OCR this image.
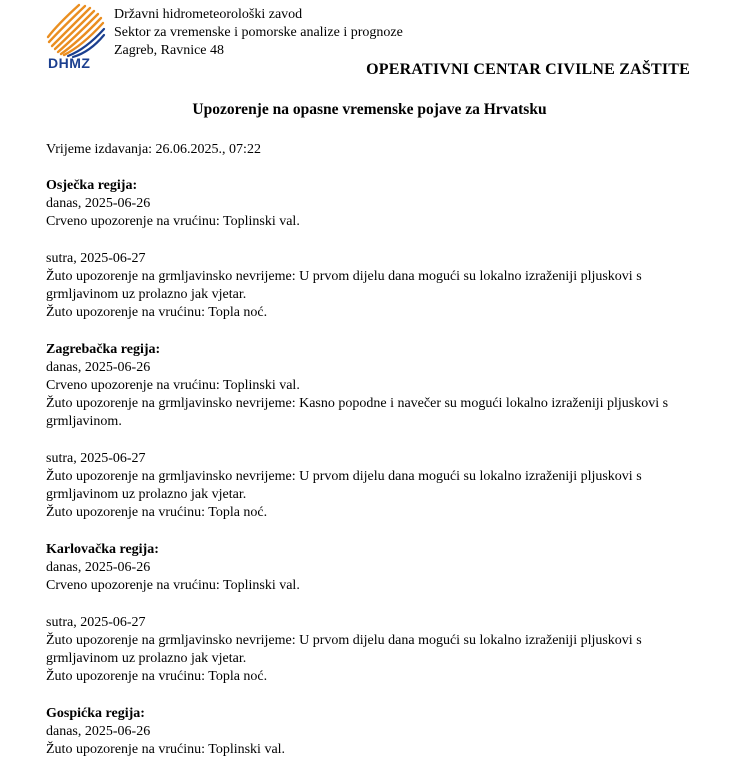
DHMZ
Državni hidrometeorološki zavod
Sektor za vremenske i pomorske analize i prognoze
Zagreb, Ravnice 48
OPERATIVNI CENTAR CIVILNE ZAŠTITE
Upozorenje na opasne vremenske pojave za Hrvatsku
Vrijeme izdavanja: 26.06.2025., 07:22
Osječka regija:
danas, 2025-06-26
Crveno upozorenje na vrućinu: Toplinski val.
sutra, 2025-06-27
Žuto upozorenje na grmljavinsko nevrijeme: U prvom dijelu dana mogući su lokalno izraženiji pljuskovi s grmljavinom uz prolazno jak vjetar.
Žuto upozorenje na vrućinu: Topla noć.
Zagrebačka regija:
danas, 2025-06-26
Crveno upozorenje na vrućinu: Toplinski val.
Žuto upozorenje na grmljavinsko nevrijeme: Kasno popodne i navečer su mogući lokalno izraženiji pljuskovi s grmljavinom.
sutra, 2025-06-27
Žuto upozorenje na grmljavinsko nevrijeme: U prvom dijelu dana mogući su lokalno izraženiji pljuskovi s grmljavinom uz prolazno jak vjetar.
Žuto upozorenje na vrućinu: Topla noć.
Karlovačka regija:
danas, 2025-06-26
Crveno upozorenje na vrućinu: Toplinski val.
sutra, 2025-06-27
Žuto upozorenje na grmljavinsko nevrijeme: U prvom dijelu dana mogući su lokalno izraženiji pljuskovi s grmljavinom uz prolazno jak vjetar.
Žuto upozorenje na vrućinu: Topla noć.
Gospićka regija:
danas, 2025-06-26
Žuto upozorenje na vrućinu: Toplinski val.
